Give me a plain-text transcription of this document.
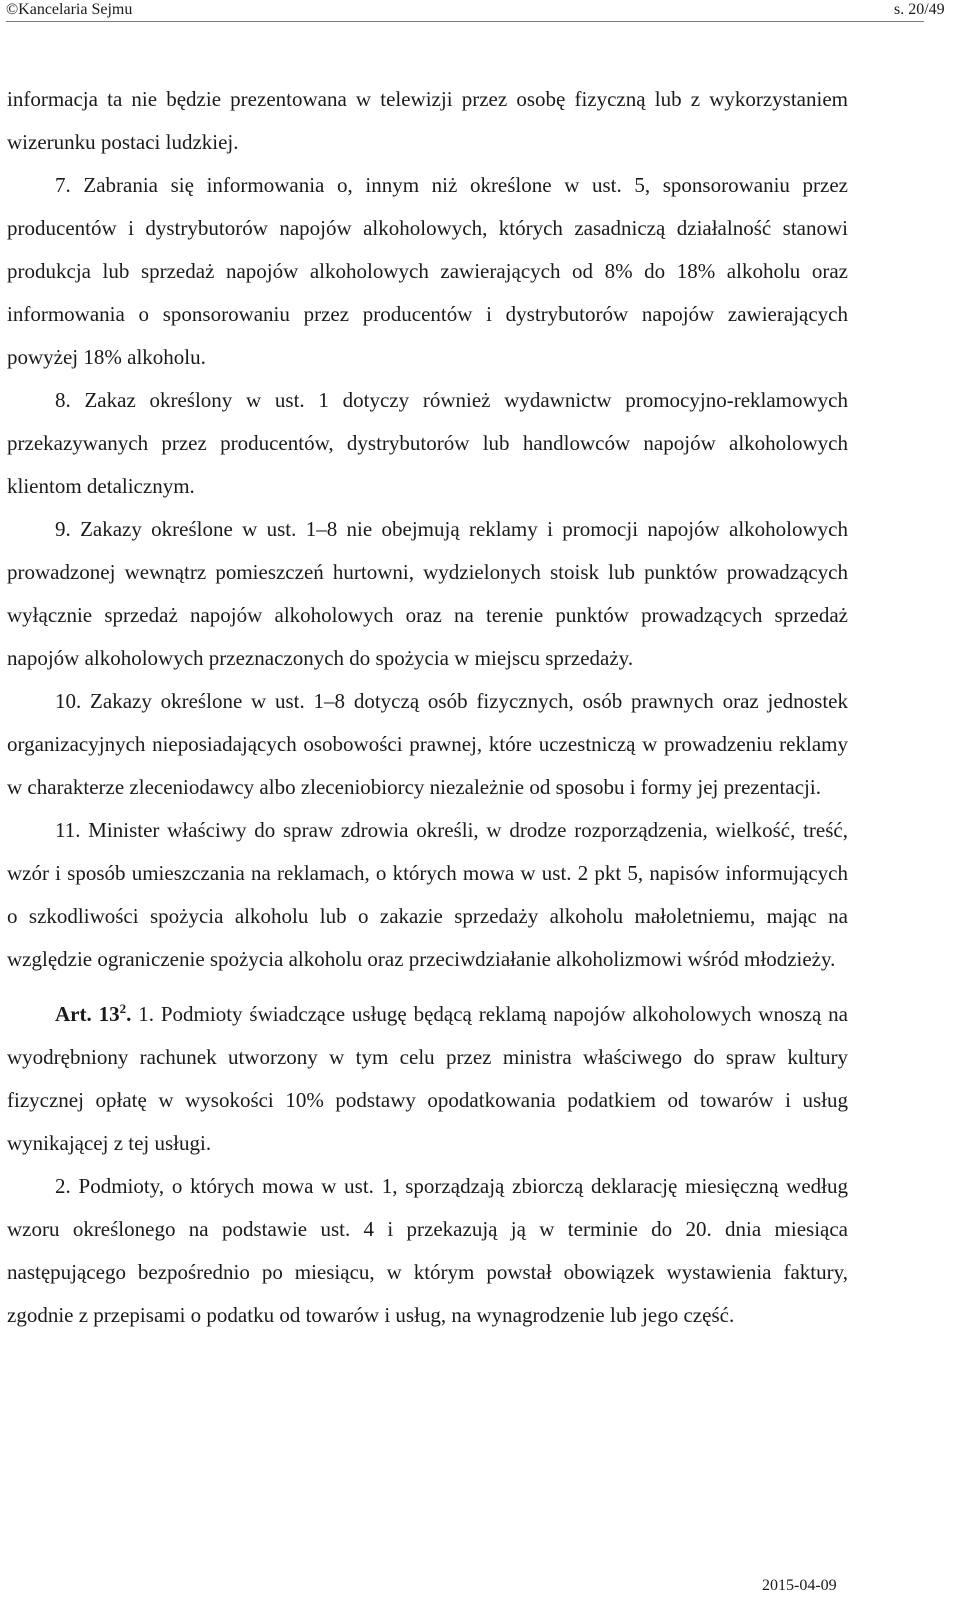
©Kancelaria Sejmu	s. 20/49

informacja ta nie będzie prezentowana w telewizji przez osobę fizyczną lub z wykorzystaniem wizerunku postaci ludzkiej.

7. Zabrania się informowania o, innym niż określone w ust. 5, sponsorowaniu przez producentów i dystrybutorów napojów alkoholowych, których zasadniczą działalność stanowi produkcja lub sprzedaż napojów alkoholowych zawierających od 8% do 18% alkoholu oraz informowania o sponsorowaniu przez producentów i dystrybutorów napojów zawierających powyżej 18% alkoholu.

8. Zakaz określony w ust. 1 dotyczy również wydawnictw promocyjno-reklamowych przekazywanych przez producentów, dystrybutorów lub handlowców napojów alkoholowych klientom detalicznym.

9. Zakazy określone w ust. 1–8 nie obejmują reklamy i promocji napojów alkoholowych prowadzonej wewnątrz pomieszczeń hurtowni, wydzielonych stoisk lub punktów prowadzących wyłącznie sprzedaż napojów alkoholowych oraz na terenie punktów prowadzących sprzedaż napojów alkoholowych przeznaczonych do spożycia w miejscu sprzedaży.

10. Zakazy określone w ust. 1–8 dotyczą osób fizycznych, osób prawnych oraz jednostek organizacyjnych nieposiadających osobowości prawnej, które uczestniczą w prowadzeniu reklamy w charakterze zleceniodawcy albo zleceniobiorcy niezależnie od sposobu i formy jej prezentacji.

11. Minister właściwy do spraw zdrowia określi, w drodze rozporządzenia, wielkość, treść, wzór i sposób umieszczania na reklamach, o których mowa w ust. 2 pkt 5, napisów informujących o szkodliwości spożycia alkoholu lub o zakazie sprzedaży alkoholu małoletniemu, mając na względzie ograniczenie spożycia alkoholu oraz przeciwdziałanie alkoholizmowi wśród młodzieży.

Art. $13^2$. 1. Podmioty świadczące usługę będącą reklamą napojów alkoholowych wnoszą na wyodrębniony rachunek utworzony w tym celu przez ministra właściwego do spraw kultury fizycznej opłatę w wysokości 10% podstawy opodatkowania podatkiem od towarów i usług wynikającej z tej usługi.

2. Podmioty, o których mowa w ust. 1, sporządzają zbiorczą deklarację miesięczną według wzoru określonego na podstawie ust. 4 i przekazują ją w terminie do 20. dnia miesiąca następującego bezpośrednio po miesiącu, w którym powstał obowiązek wystawienia faktury, zgodnie z przepisami o podatku od towarów i usług, na wynagrodzenie lub jego część.

2015-04-09
